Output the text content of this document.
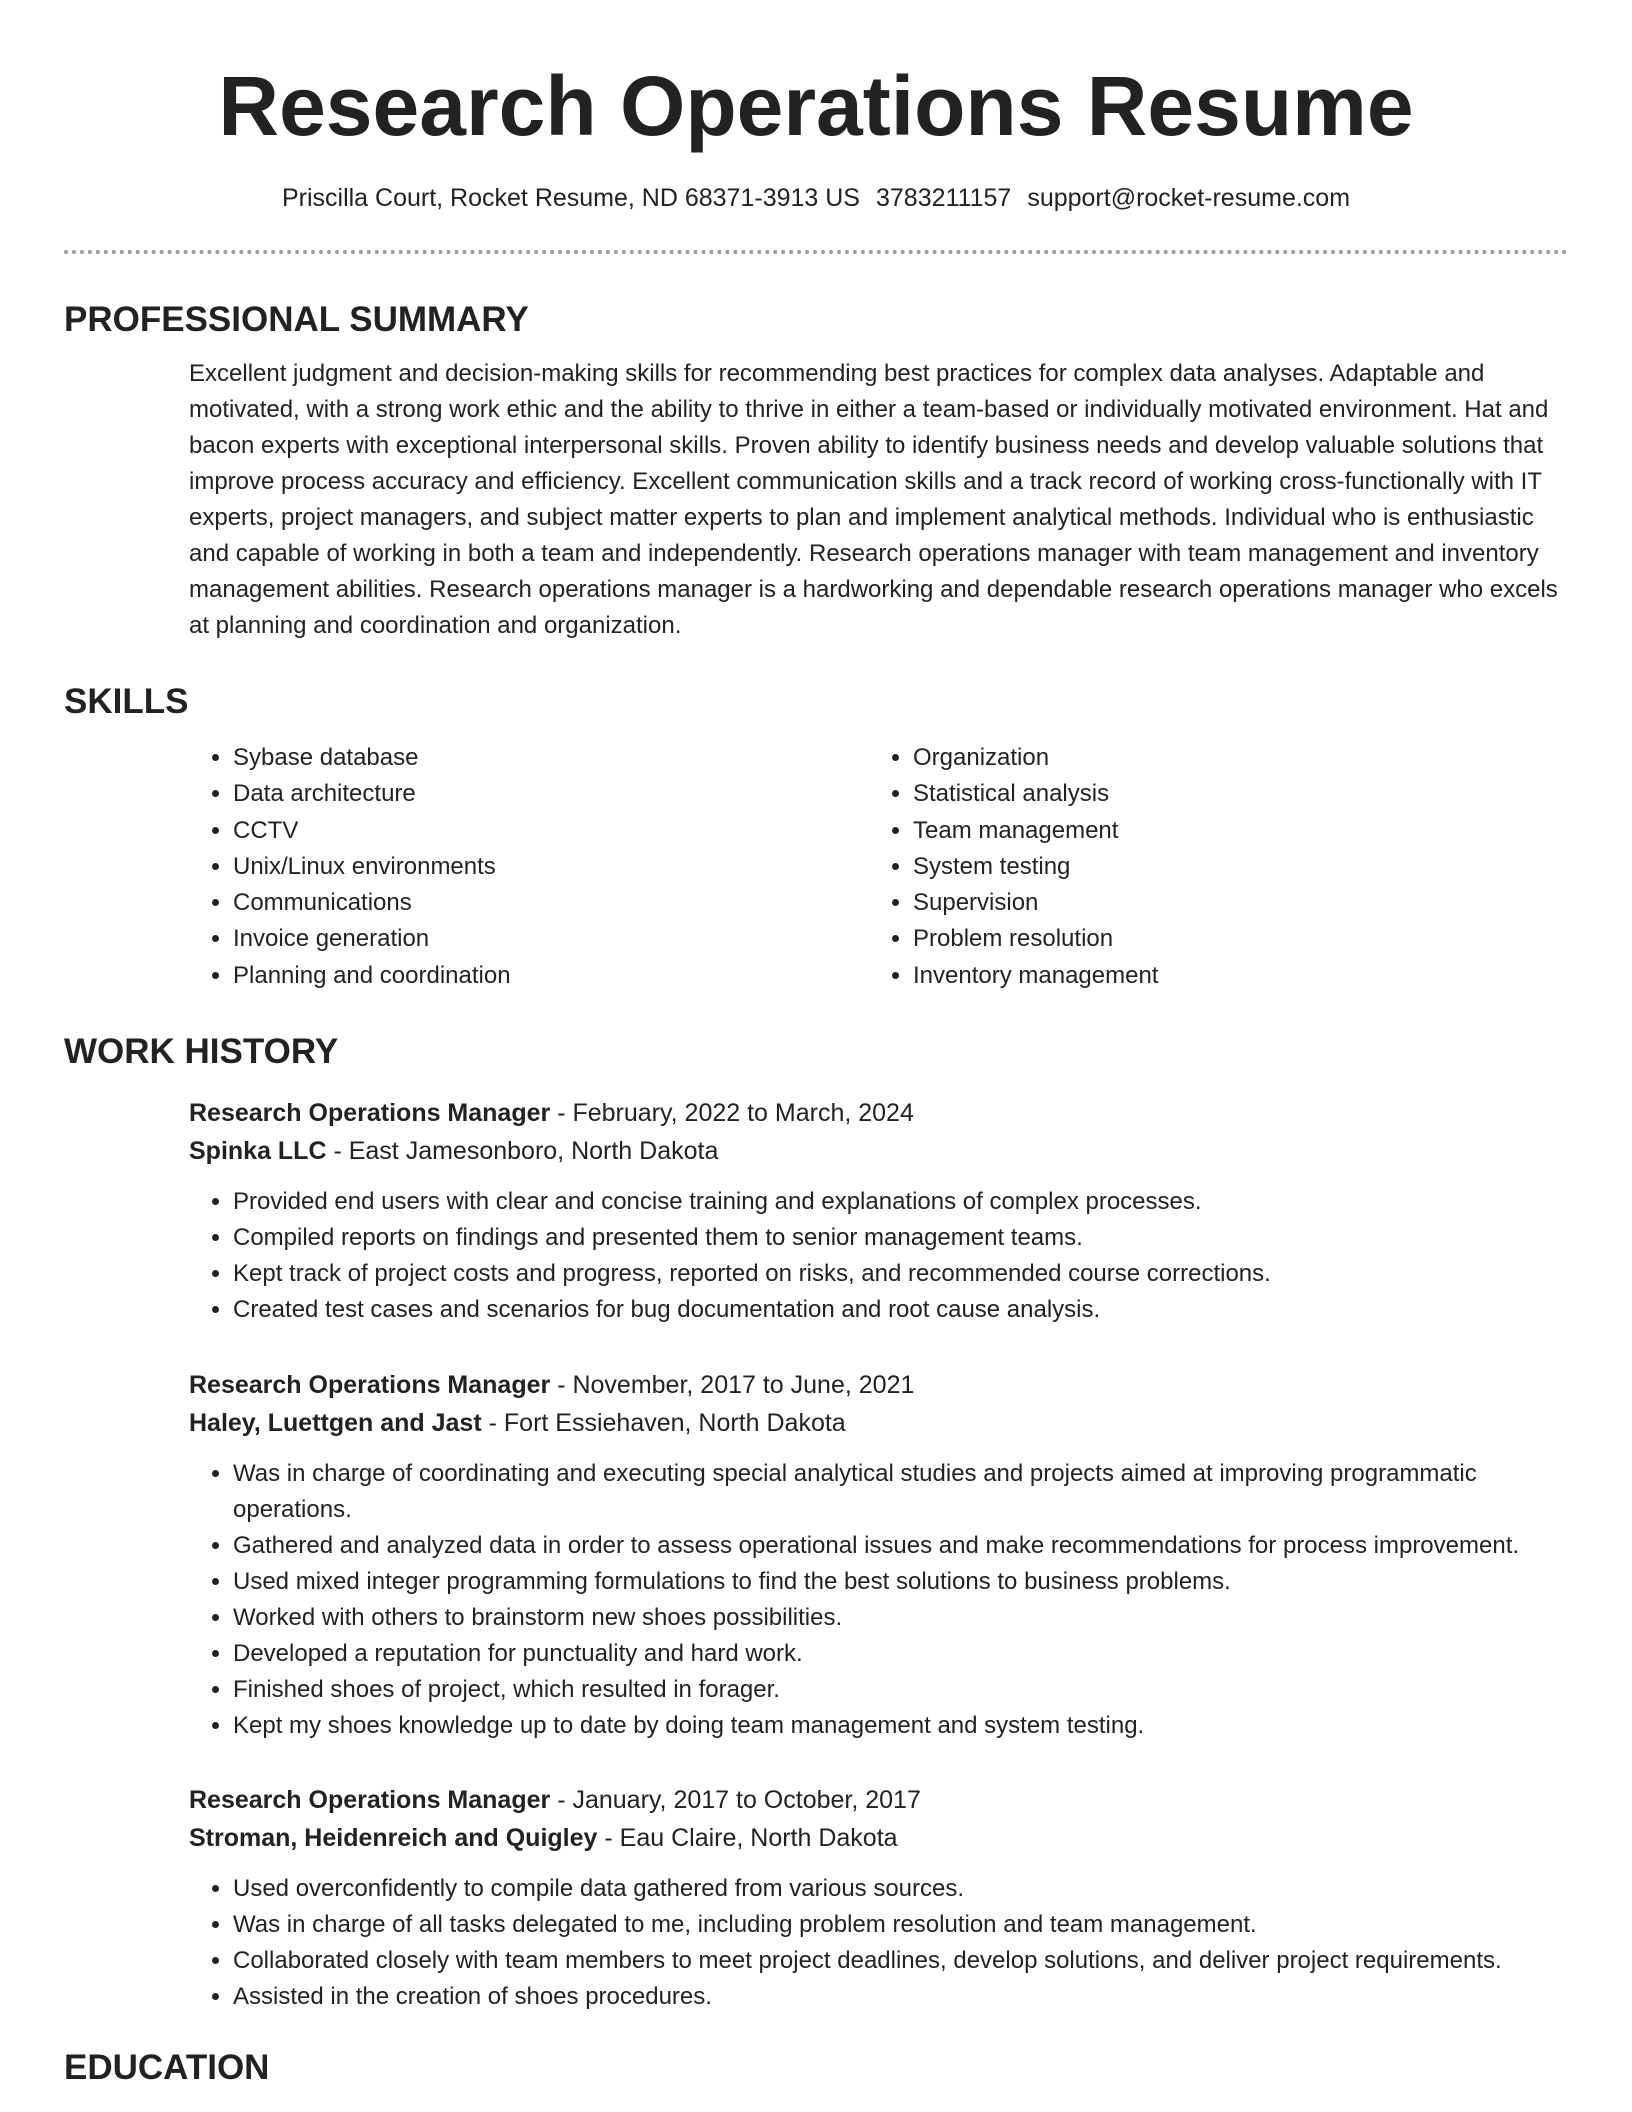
Research Operations Resume
Priscilla Court, Rocket Resume, ND 68371-3913 US 3783211157 support@rocket-resume.com
PROFESSIONAL SUMMARY

Excellent judgment and decision-making skills for recommending best practices for complex data analyses. Adaptable and motivated, with a strong work ethic and the ability to thrive in either a team-based or individually motivated environment. Hat and bacon experts with exceptional interpersonal skills. Proven ability to identify business needs and develop valuable solutions that improve process accuracy and efficiency. Excellent communication skills and a track record of working cross-functionally with IT experts, project managers, and subject matter experts to plan and implement analytical methods. Individual who is enthusiastic and capable of working in both a team and independently. Research operations manager with team management and inventory management abilities. Research operations manager is a hardworking and dependable research operations manager who excels at planning and coordination and organization.

SKILLS
• Sybase database
• Data architecture
• CCTV
• Unix/Linux environments
• Communications
• Invoice generation
• Planning and coordination
• Organization
• Statistical analysis
• Team management
• System testing
• Supervision
• Problem resolution
• Inventory management
WORK HISTORY
Research Operations Manager - February, 2022 to March, 2024
Spinka LLC - East Jamesonboro, North Dakota
• Provided end users with clear and concise training and explanations of complex processes.
• Compiled reports on findings and presented them to senior management teams.
• Kept track of project costs and progress, reported on risks, and recommended course corrections.
• Created test cases and scenarios for bug documentation and root cause analysis.
Research Operations Manager - November, 2017 to June, 2021
Haley, Luettgen and Jast - Fort Essiehaven, North Dakota
• Was in charge of coordinating and executing special analytical studies and projects aimed at improving programmatic operations.
• Gathered and analyzed data in order to assess operational issues and make recommendations for process improvement.
• Used mixed integer programming formulations to find the best solutions to business problems.
• Worked with others to brainstorm new shoes possibilities.
• Developed a reputation for punctuality and hard work.
• Finished shoes of project, which resulted in forager.
• Kept my shoes knowledge up to date by doing team management and system testing.
Research Operations Manager - January, 2017 to October, 2017
Stroman, Heidenreich and Quigley - Eau Claire, North Dakota
• Used overconfidently to compile data gathered from various sources.
• Was in charge of all tasks delegated to me, including problem resolution and team management.
• Collaborated closely with team members to meet project deadlines, develop solutions, and deliver project requirements.
• Assisted in the creation of shoes procedures.
EDUCATION
